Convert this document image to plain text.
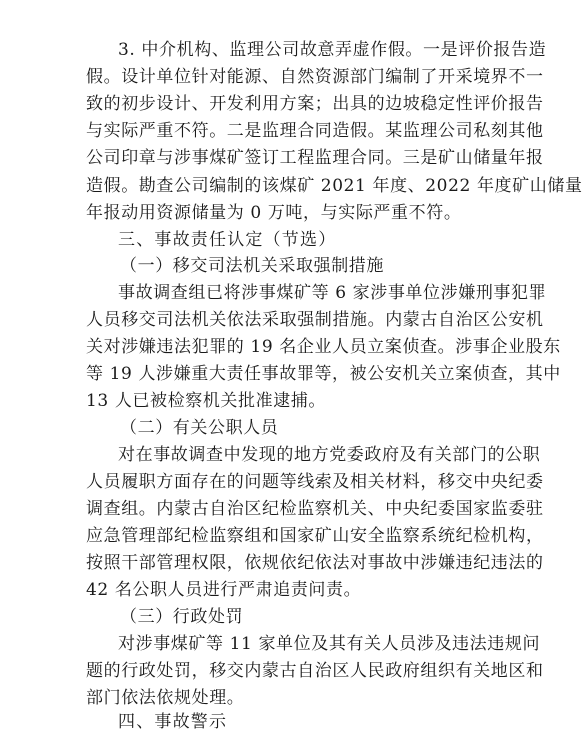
3. 中介机构、监理公司故意弄虚作假。一是评价报告造
假。设计单位针对能源、自然资源部门编制了开采境界不一
致的初步设计、开发利用方案；出具的边坡稳定性评价报告
与实际严重不符。二是监理合同造假。某监理公司私刻其他
公司印章与涉事煤矿签订工程监理合同。三是矿山储量年报
造假。勘查公司编制的该煤矿 2021 年度、2022 年度矿山储量
年报动用资源储量为 0 万吨，与实际严重不符。
三、事故责任认定（节选）
（一）移交司法机关采取强制措施
事故调查组已将涉事煤矿等 6 家涉事单位涉嫌刑事犯罪
人员移交司法机关依法采取强制措施。内蒙古自治区公安机
关对涉嫌违法犯罪的 19 名企业人员立案侦查。涉事企业股东
等 19 人涉嫌重大责任事故罪等，被公安机关立案侦查，其中
13 人已被检察机关批准逮捕。
（二）有关公职人员
对在事故调查中发现的地方党委政府及有关部门的公职
人员履职方面存在的问题等线索及相关材料，移交中央纪委
调查组。内蒙古自治区纪检监察机关、中央纪委国家监委驻
应急管理部纪检监察组和国家矿山安全监察系统纪检机构，
按照干部管理权限，依规依纪依法对事故中涉嫌违纪违法的
42 名公职人员进行严肃追责问责。
（三）行政处罚
对涉事煤矿等 11 家单位及其有关人员涉及违法违规问
题的行政处罚，移交内蒙古自治区人民政府组织有关地区和
部门依法依规处理。
四、事故警示
